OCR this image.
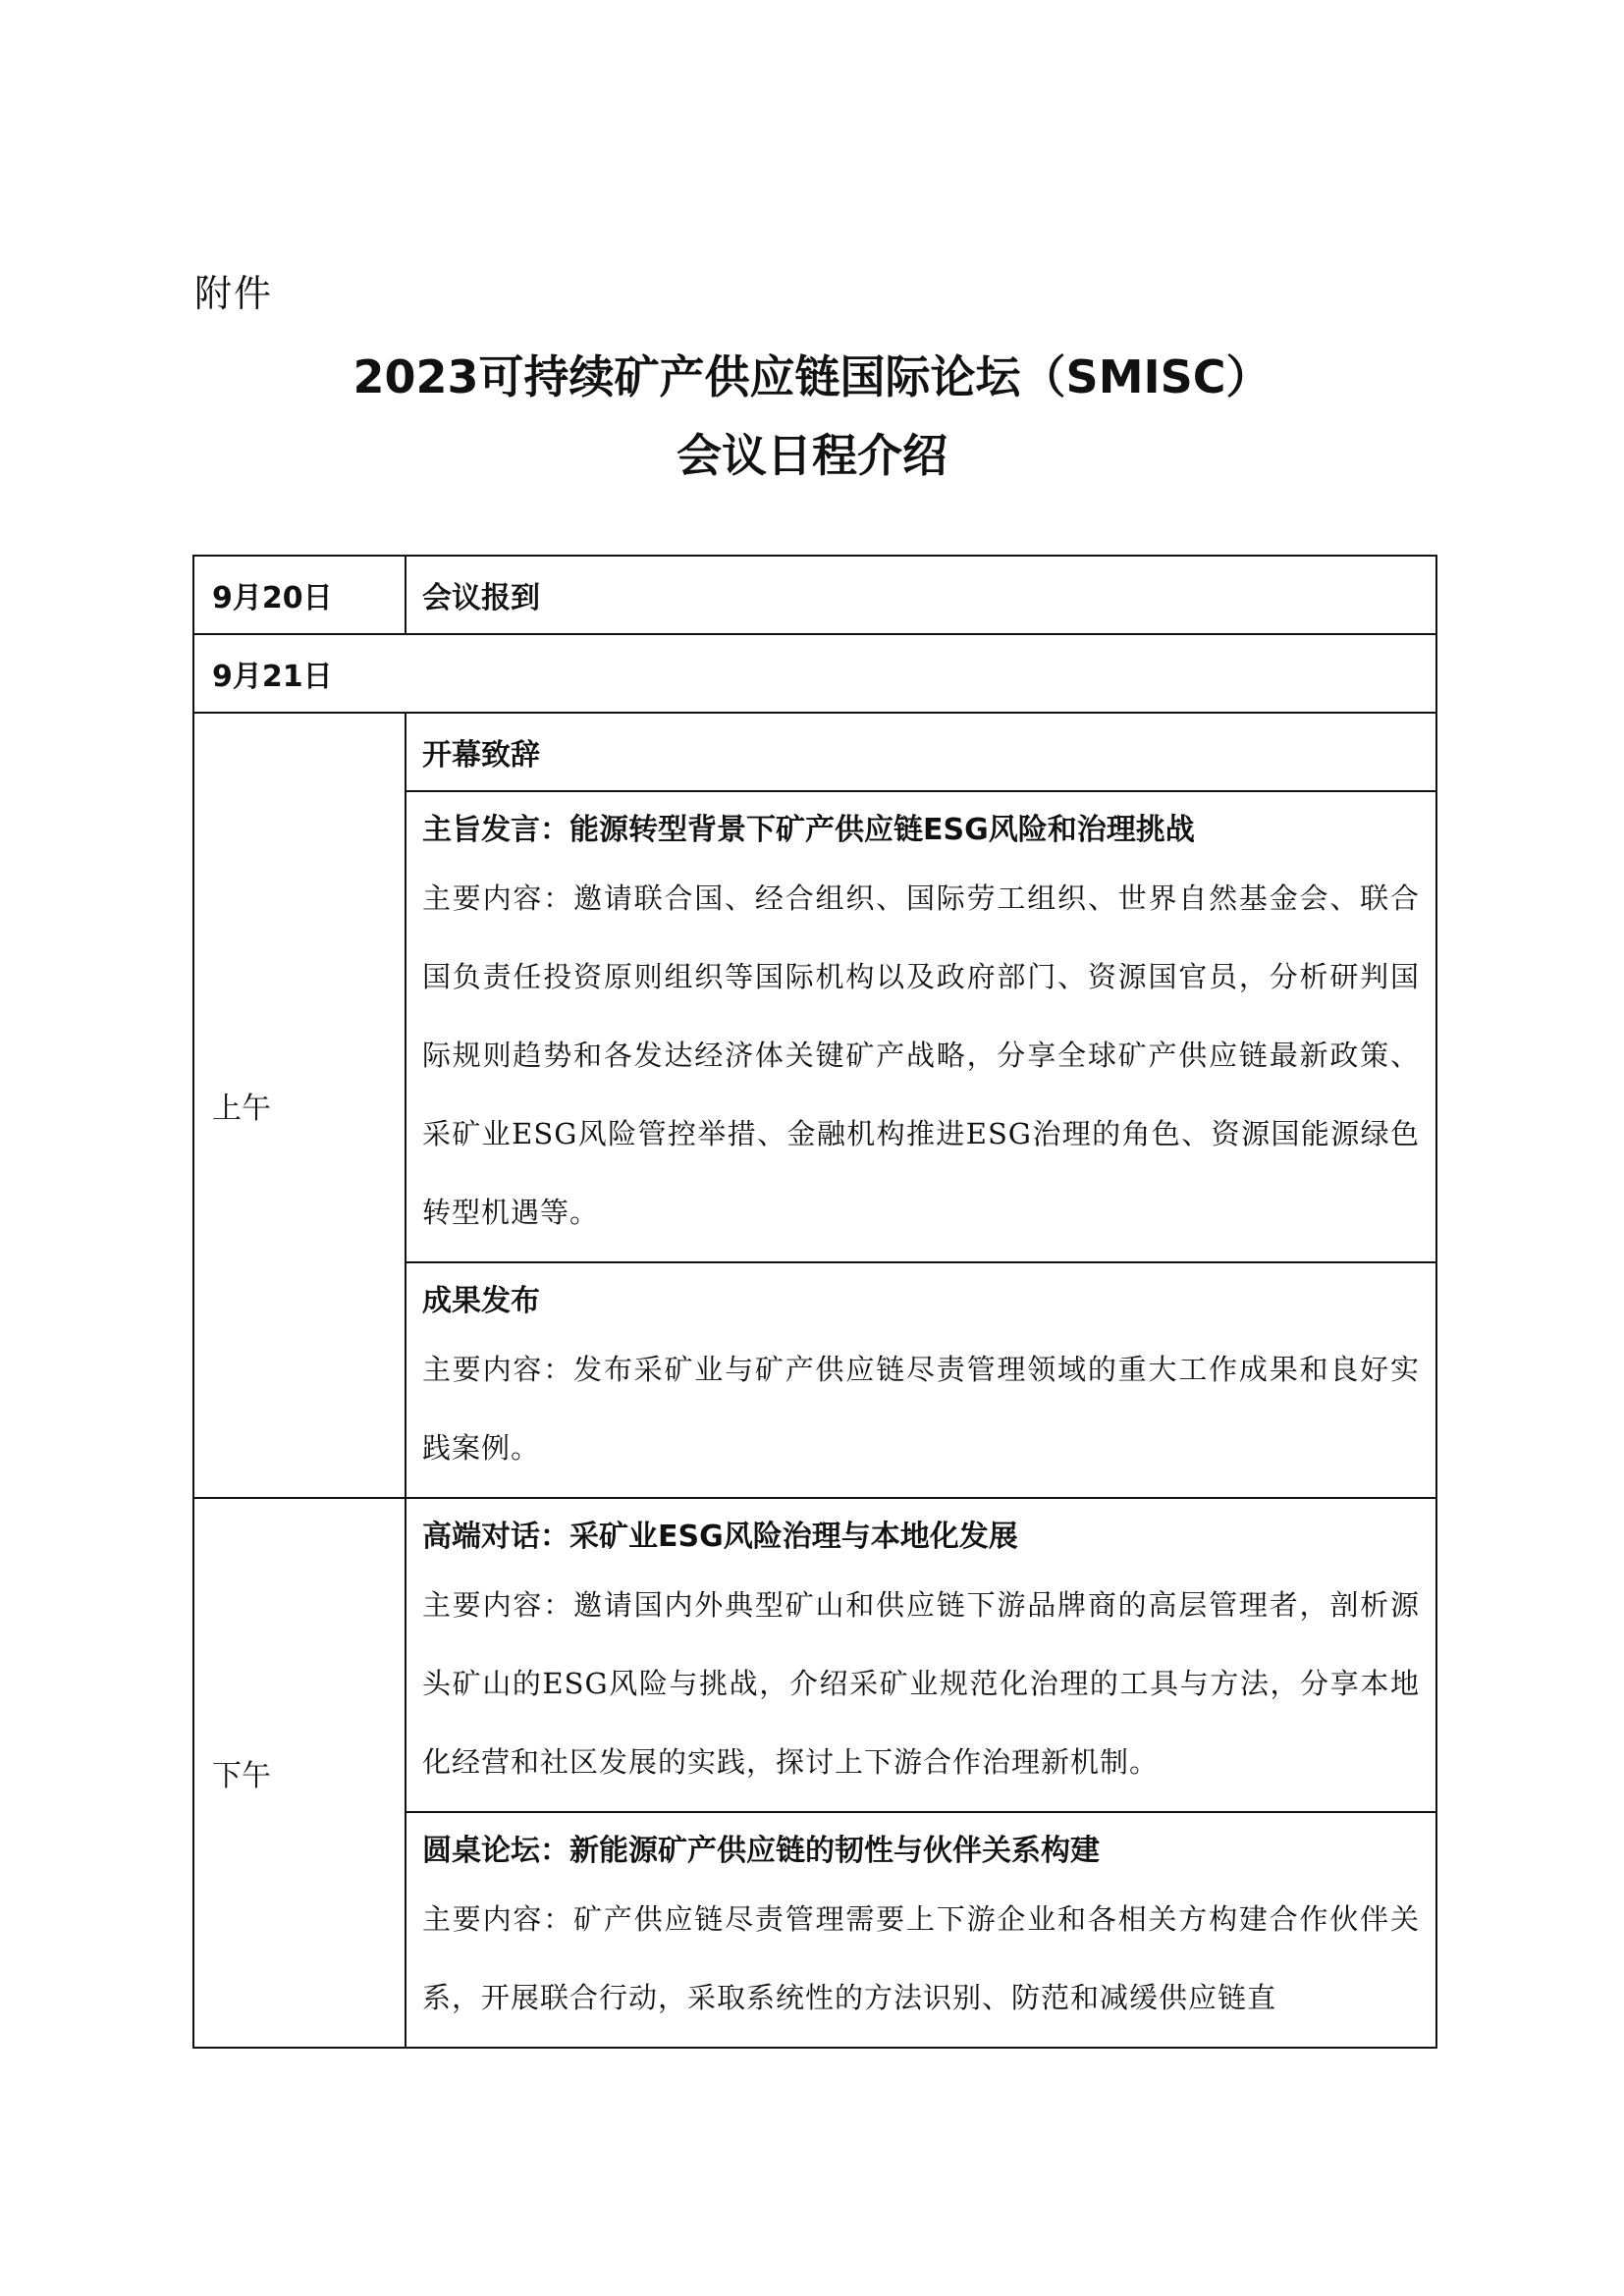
附件
2023可持续矿产供应链国际论坛（SMISC）
会议日程介绍
9月20日	会议报到
9月21日	
上午	开幕致辞

	主旨发言：能源转型背景下矿产供应链ESG风险和治理挑战
主要内容：邀请联合国、经合组织、国际劳工组织、世界自然基金会、联合国负责任投资原则组织等国际机构以及政府部门、资源国官员，分析研判国际规则趋势和各发达经济体关键矿产战略，分享全球矿产供应链最新政策、采矿业ESG风险管控举措、金融机构推进ESG治理的角色、资源国能源绿色转型机遇等。

	成果发布
主要内容：发布采矿业与矿产供应链尽责管理领域的重大工作成果和良好实践案例。

下午	高端对话：采矿业ESG风险治理与本地化发展
主要内容：邀请国内外典型矿山和供应链下游品牌商的高层管理者，剖析源头矿山的ESG风险与挑战，介绍采矿业规范化治理的工具与方法，分享本地化经营和社区发展的实践，探讨上下游合作治理新机制。

	圆桌论坛：新能源矿产供应链的韧性与伙伴关系构建
主要内容：矿产供应链尽责管理需要上下游企业和各相关方构建合作伙伴关系，开展联合行动，采取系统性的方法识别、防范和减缓供应链直
